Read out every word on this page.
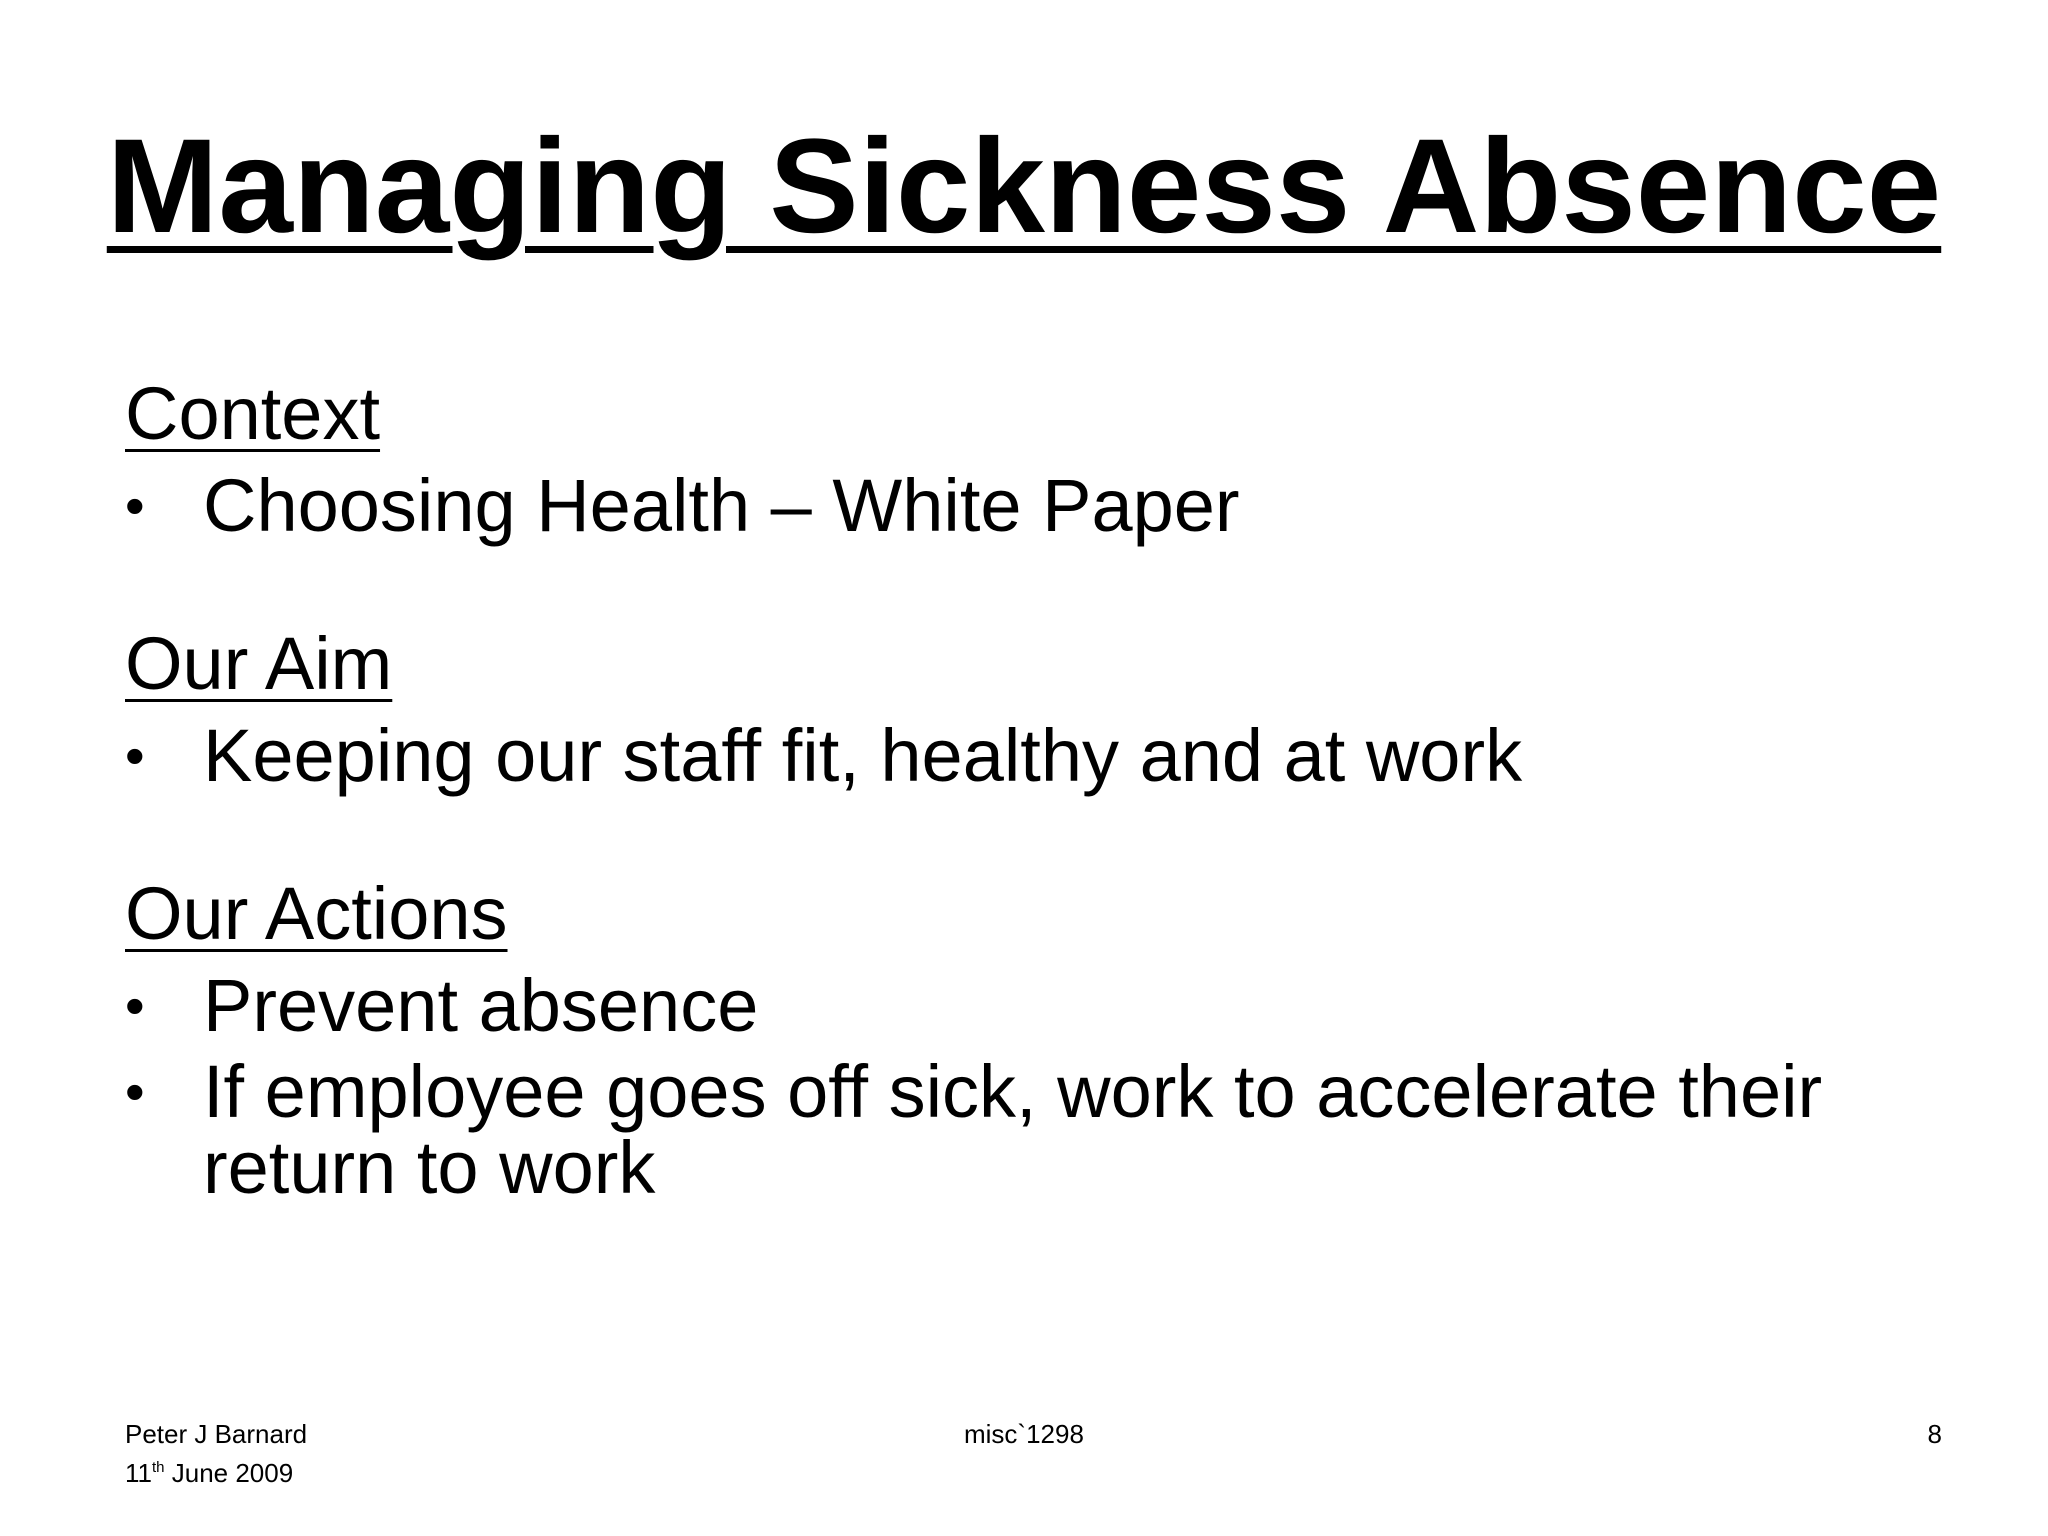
Managing Sickness Absence
Context
• Choosing Health – White Paper
Our Aim
• Keeping our staff fit, healthy and at work
Our Actions
• Prevent absence
• If employee goes off sick, work to accelerate their return to work
Peter J Barnard
11th June 2009
misc`1298	8
